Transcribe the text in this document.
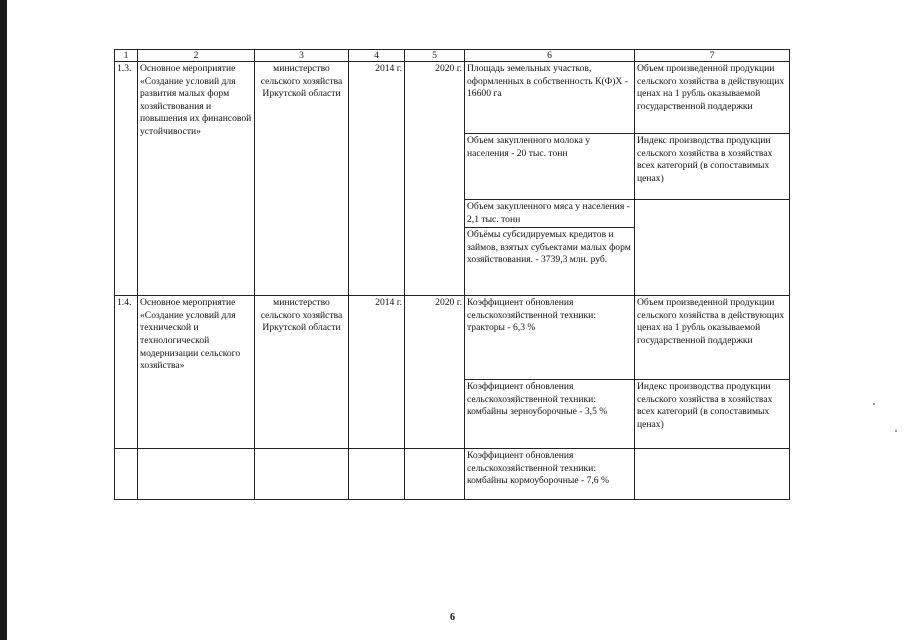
1	2	3	4	5	6	7
1.3.	Основное мероприятие «Создание условий для развития малых форм хозяйствования и повышения их финансовой устойчивости»	министерство сельского хозяйства Иркутской области	2014 г.	2020 г.	Площадь земельных участков, оформленных в собственность К(Ф)Х - 16600 га	Объем произведенной продукции сельского хозяйства в действующих ценах на 1 рубль оказываемой государственной поддержки
					Объем закупленного молока у населения - 20 тыс. тонн	Индекс производства продукции сельского хозяйства в хозяйствах всех категорий (в сопоставимых ценах)
					Объем закупленного мяса у населения - 2,1 тыс. тонн	
					Объёмы субсидируемых кредитов и займов, взятых субъектами малых форм хозяйствования. - 3739,3 млн. руб.	
1.4.	Основное мероприятие «Создание условий для технической и технологической модернизации сельского хозяйства»	министерство сельского хозяйства Иркутской области	2014 г.	2020 г.	Коэффициент обновления сельскохозяйственной техники: тракторы - 6,3 %	Объем произведенной продукции сельского хозяйства в действующих ценах на 1 рубль оказываемой государственной поддержки
					Коэффициент обновления сельскохозяйственной техники: комбайны зерноуборочные - 3,5 %	Индекс производства продукции сельского хозяйства в хозяйствах всех категорий (в сопоставимых ценах)
					Коэффициент обновления сельскохозяйственной техники: комбайны кормоуборочные - 7,6 %	
6
